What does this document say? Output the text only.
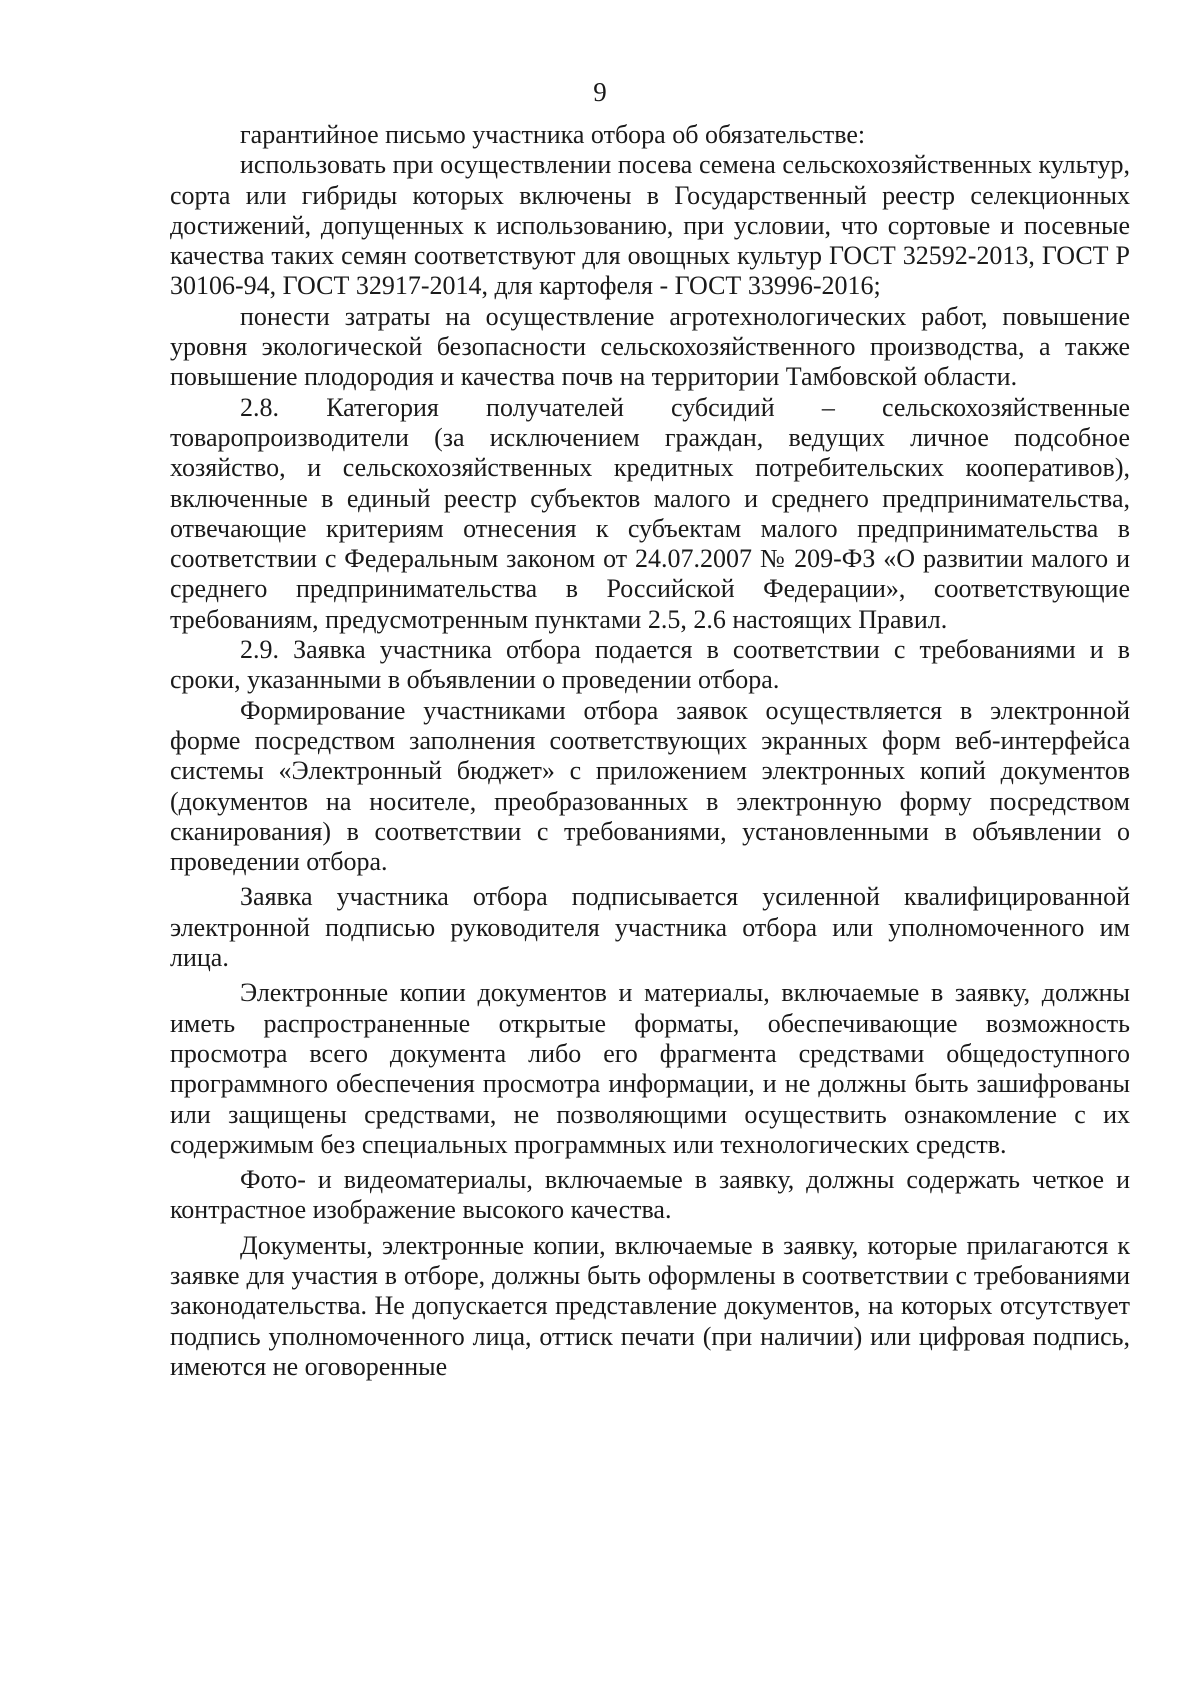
9

гарантийное письмо участника отбора об обязательстве:

использовать при осуществлении посева семена сельскохозяйственных культур, сорта или гибриды которых включены в Государственный реестр селекционных достижений, допущенных к использованию, при условии, что сортовые и посевные качества таких семян соответствуют для овощных культур ГОСТ 32592-2013, ГОСТ Р 30106-94, ГОСТ 32917-2014, для картофеля - ГОСТ 33996-2016;

понести затраты на осуществление агротехнологических работ, повышение уровня экологической безопасности сельскохозяйственного производства, а также повышение плодородия и качества почв на территории Тамбовской области.

2.8. Категория получателей субсидий – сельскохозяйственные товаропроизводители (за исключением граждан, ведущих личное подсобное хозяйство, и сельскохозяйственных кредитных потребительских кооперативов), включенные в единый реестр субъектов малого и среднего предпринимательства, отвечающие критериям отнесения к субъектам малого предпринимательства в соответствии с Федеральным законом от 24.07.2007 № 209-ФЗ «О развитии малого и среднего предпринимательства в Российской Федерации», соответствующие требованиям, предусмотренным пунктами 2.5, 2.6 настоящих Правил.

2.9. Заявка участника отбора подается в соответствии с требованиями и в сроки, указанными в объявлении о проведении отбора.

Формирование участниками отбора заявок осуществляется в электронной форме посредством заполнения соответствующих экранных форм веб-интерфейса системы «Электронный бюджет» с приложением электронных копий документов (документов на носителе, преобразованных в электронную форму посредством сканирования) в соответствии с требованиями, установленными в объявлении о проведении отбора.

Заявка участника отбора подписывается усиленной квалифицированной электронной подписью руководителя участника отбора или уполномоченного им лица.

Электронные копии документов и материалы, включаемые в заявку, должны иметь распространенные открытые форматы, обеспечивающие возможность просмотра всего документа либо его фрагмента средствами общедоступного программного обеспечения просмотра информации, и не должны быть зашифрованы или защищены средствами, не позволяющими осуществить ознакомление с их содержимым без специальных программных или технологических средств.

Фото- и видеоматериалы, включаемые в заявку, должны содержать четкое и контрастное изображение высокого качества.

Документы, электронные копии, включаемые в заявку, которые прилагаются к заявке для участия в отборе, должны быть оформлены в соответствии с требованиями законодательства. Не допускается представление документов, на которых отсутствует подпись уполномоченного лица, оттиск печати (при наличии) или цифровая подпись, имеются не оговоренные
